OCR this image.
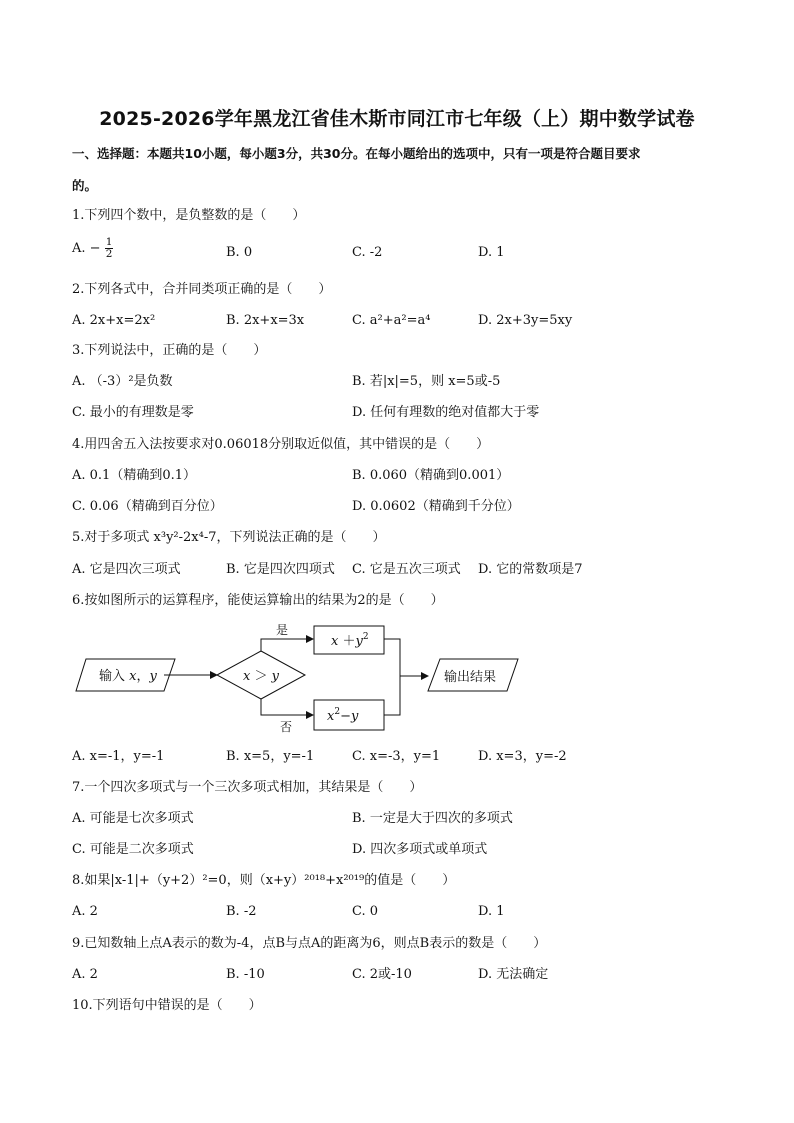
2025-2026学年黑龙江省佳木斯市同江市七年级（上）期中数学试卷
一、选择题：本题共10小题，每小题3分，共30分。在每小题给出的选项中，只有一项是符合题目要求
的。
1.下列四个数中，是负整数的是（　　）
A. − $\frac{1}{2}$	B. 0	C. -2	D. 1
2.下列各式中，合并同类项正确的是（　　）
A. 2x+x=2x²	B. 2x+x=3x	C. a²+a²=a⁴	D. 2x+3y=5xy
3.下列说法中，正确的是（　　）
A. （-3）²是负数	B. 若|x|=5，则 x=5或-5
C. 最小的有理数是零	D. 任何有理数的绝对值都大于零
4.用四舍五入法按要求对0.06018分别取近似值，其中错误的是（　　）
A. 0.1（精确到0.1）	B. 0.060（精确到0.001）
C. 0.06（精确到百分位）	D. 0.0602（精确到千分位）
5.对于多项式 x³y²-2x⁴-7，下列说法正确的是（　　）
A. 它是四次三项式	B. 它是四次四项式 C. 它是五次三项式 D. 它的常数项是7
6.按如图所示的运算程序，能使运算输出的结果为2的是（　　）
输入 x，y	x ＞ y
是
否
$x +y^2$
$x^2-y$
输出结果
A. x=-1，y=-1	B. x=5，y=-1	C. x=-3，y=1	D. x=3，y=-2
7.一个四次多项式与一个三次多项式相加，其结果是（　　）
A. 可能是七次多项式	B. 一定是大于四次的多项式
C. 可能是二次多项式	D. 四次多项式或单项式
8.如果|x-1|+（y+2）²=0，则（x+y）²⁰¹⁸+x²⁰¹⁹的值是（　　）
A. 2	B. -2	C. 0	D. 1
9.已知数轴上点A表示的数为-4，点B与点A的距离为6，则点B表示的数是（　　）
A. 2	B. -10	C. 2或-10	D. 无法确定
10.下列语句中错误的是（　　）
